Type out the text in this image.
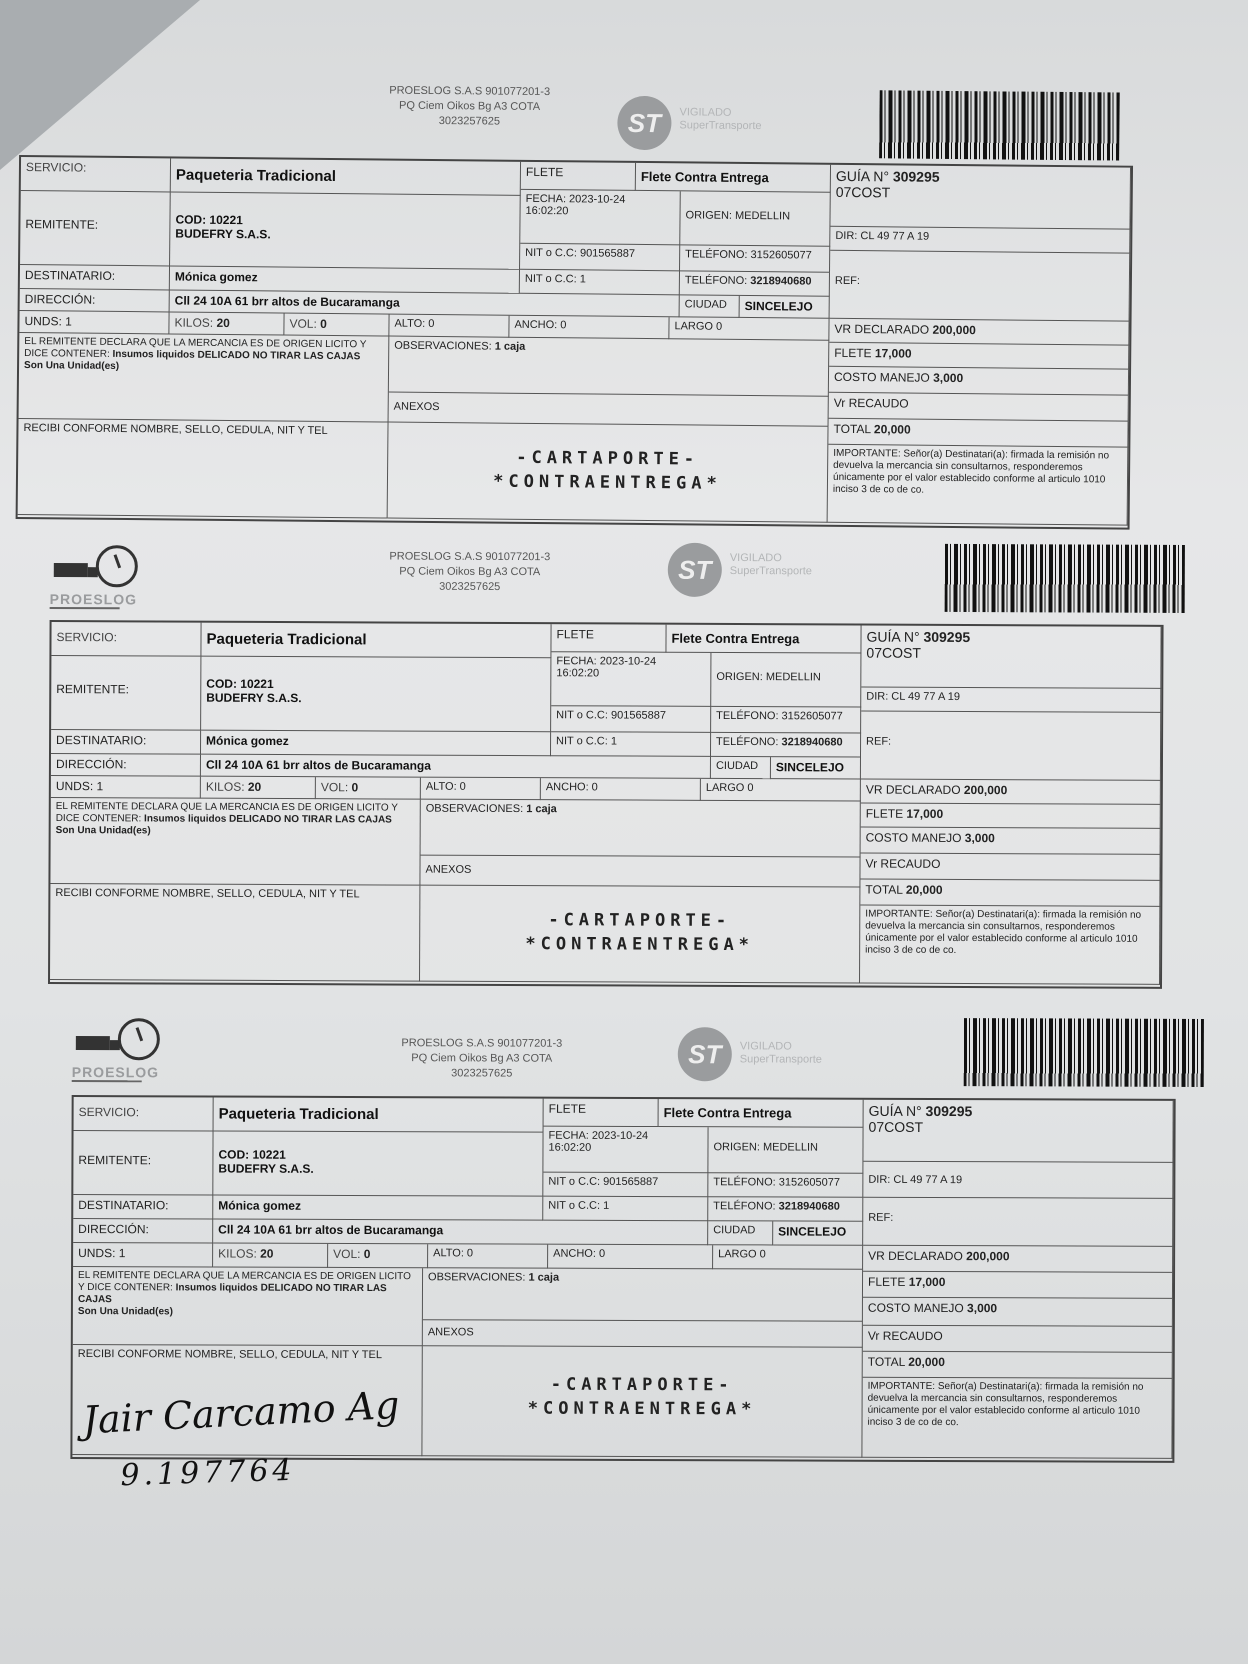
PROESLOG S.A.S 901077201-3
PQ Ciem Oikos Bg A3 COTA
3023257625	ST	VIGILADO
SuperTransporte
SERVICIO:	Paqueteria Tradicional	FLETE	Flete Contra Entrega	GUÍA N° 309295
07COST
REMITENTE:	COD: 10221
BUDEFRY S.A.S.
FECHA: 2023-10-24
16:02:20	ORIGEN: MEDELLIN
NIT o C.C: 901565887	TELÉFONO: 3152605077
DIR: CL 49 77 A 19
DESTINATARIO:	Mónica gomez	NIT o C.C: 1	TELÉFONO: 3218940680	REF:
DIRECCIÓN:	Cll 24 10A 61 brr altos de Bucaramanga	CIUDAD	SINCELEJO
UNDS: 1	KILOS: 20	VOL: 0	ALTO: 0	ANCHO: 0	LARGO 0	VR DECLARADO 200,000
EL REMITENTE DECLARA QUE LA MERCANCIA ES DE ORIGEN LICITO Y DICE CONTENER: Insumos liquidos DELICADO NO TIRAR LAS CAJAS
Son Una Unidad(es)
OBSERVACIONES: 1 caja	FLETE 17,000
COSTO MANEJO 3,000
ANEXOS	Vr RECAUDO
RECIBI CONFORME NOMBRE, SELLO, CEDULA, NIT Y TEL
-CARTAPORTE-
*CONTRAENTREGA*
TOTAL 20,000
IMPORTANTE: Señor(a) Destinatari(a): firmada la remisión no devuelva la mercancia sin consultarnos, responderemos únicamente por el valor establecido conforme al articulo 1010 inciso 3 de co de co.
PROESLOG
PROESLOG S.A.S 901077201-3
PQ Ciem Oikos Bg A3 COTA
3023257625
ST	VIGILADO
SuperTransporte
SERVICIO:	Paqueteria Tradicional	FLETE	Flete Contra Entrega	GUÍA N° 309295
07COST
REMITENTE:	COD: 10221
BUDEFRY S.A.S.
FECHA: 2023-10-24
16:02:20	ORIGEN: MEDELLIN
NIT o C.C: 901565887	TELÉFONO: 3152605077
DIR: CL 49 77 A 19
DESTINATARIO:	Mónica gomez	NIT o C.C: 1	TELÉFONO: 3218940680	REF:
DIRECCIÓN:	Cll 24 10A 61 brr altos de Bucaramanga	CIUDAD	SINCELEJO
UNDS: 1	KILOS: 20	VOL: 0	ALTO: 0	ANCHO: 0	LARGO 0	VR DECLARADO 200,000
EL REMITENTE DECLARA QUE LA MERCANCIA ES DE ORIGEN LICITO Y DICE CONTENER: Insumos liquidos DELICADO NO TIRAR LAS CAJAS
Son Una Unidad(es)
OBSERVACIONES: 1 caja	FLETE 17,000
COSTO MANEJO 3,000
ANEXOS	Vr RECAUDO
RECIBI CONFORME NOMBRE, SELLO, CEDULA, NIT Y TEL
-CARTAPORTE-
*CONTRAENTREGA*
TOTAL 20,000
IMPORTANTE: Señor(a) Destinatari(a): firmada la remisión no devuelva la mercancia sin consultarnos, responderemos únicamente por el valor establecido conforme al articulo 1010 inciso 3 de co de co.
PROESLOG
PROESLOG S.A.S 901077201-3
PQ Ciem Oikos Bg A3 COTA
3023257625
ST	VIGILADO
SuperTransporte
SERVICIO:	Paqueteria Tradicional	FLETE	Flete Contra Entrega	GUÍA N° 309295
07COST
REMITENTE:	COD: 10221
BUDEFRY S.A.S.
FECHA: 2023-10-24
16:02:20	ORIGEN: MEDELLIN
NIT o C.C: 901565887	TELÉFONO: 3152605077	DIR: CL 49 77 A 19
DESTINATARIO:	Mónica gomez	NIT o C.C: 1	TELÉFONO: 3218940680
REF:
DIRECCIÓN:	Cll 24 10A 61 brr altos de Bucaramanga	CIUDAD	SINCELEJO
UNDS: 1	KILOS: 20	VOL: 0	ALTO: 0	ANCHO: 0	LARGO 0	VR DECLARADO 200,000
EL REMITENTE DECLARA QUE LA MERCANCIA ES DE ORIGEN LICITO Y DICE CONTENER: Insumos liquidos DELICADO NO TIRAR LAS CAJAS
Son Una Unidad(es)
OBSERVACIONES: 1 caja	FLETE 17,000
COSTO MANEJO 3,000
ANEXOS	Vr RECAUDO
RECIBI CONFORME NOMBRE, SELLO, CEDULA, NIT Y TEL
-CARTAPORTE-
*CONTRAENTREGA*
TOTAL 20,000
IMPORTANTE: Señor(a) Destinatari(a): firmada la remisión no devuelva la mercancia sin consultarnos, responderemos únicamente por el valor establecido conforme al articulo 1010 inciso 3 de co de co.
Jair Carcamo Ag
9.197764
